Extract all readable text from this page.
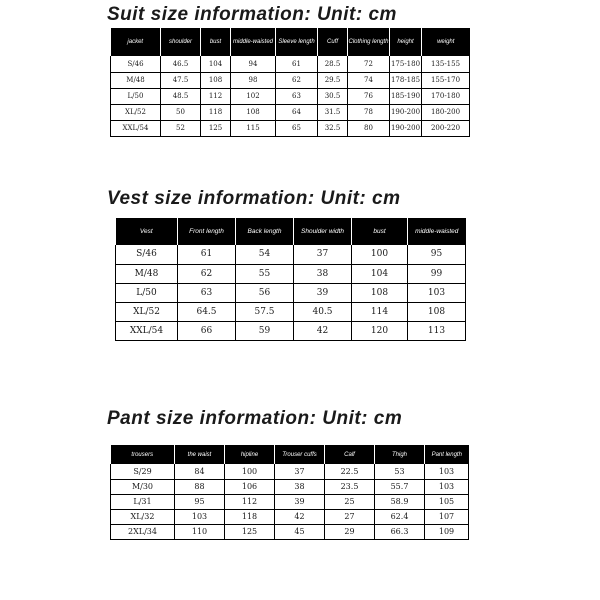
Suit size information: Unit: cm
jacket	shoulder	bust	middle-waisted	Sleeve length	Cuff	Clothing length	height	weight
S/46	46.5	104	94	61	28.5	72	175-180	135-155
M/48	47.5	108	98	62	29.5	74	178-185	155-170
L/50	48.5	112	102	63	30.5	76	185-190	170-180
XL/52	50	118	108	64	31.5	78	190-200	180-200
XXL/54	52	125	115	65	32.5	80	190-200	200-220
Vest size information: Unit: cm
Vest	Front length	Back length	Shoulder width	bust	middle-waisted
S/46	61	54	37	100	95
M/48	62	55	38	104	99
L/50	63	56	39	108	103
XL/52	64.5	57.5	40.5	114	108
XXL/54	66	59	42	120	113
Pant size information: Unit: cm
trousers	the waist	hipline	Trouser cuffs	Calf	Thigh	Pant length
S/29	84	100	37	22.5	53	103
M/30	88	106	38	23.5	55.7	103
L/31	95	112	39	25	58.9	105
XL/32	103	118	42	27	62.4	107
2XL/34	110	125	45	29	66.3	109
